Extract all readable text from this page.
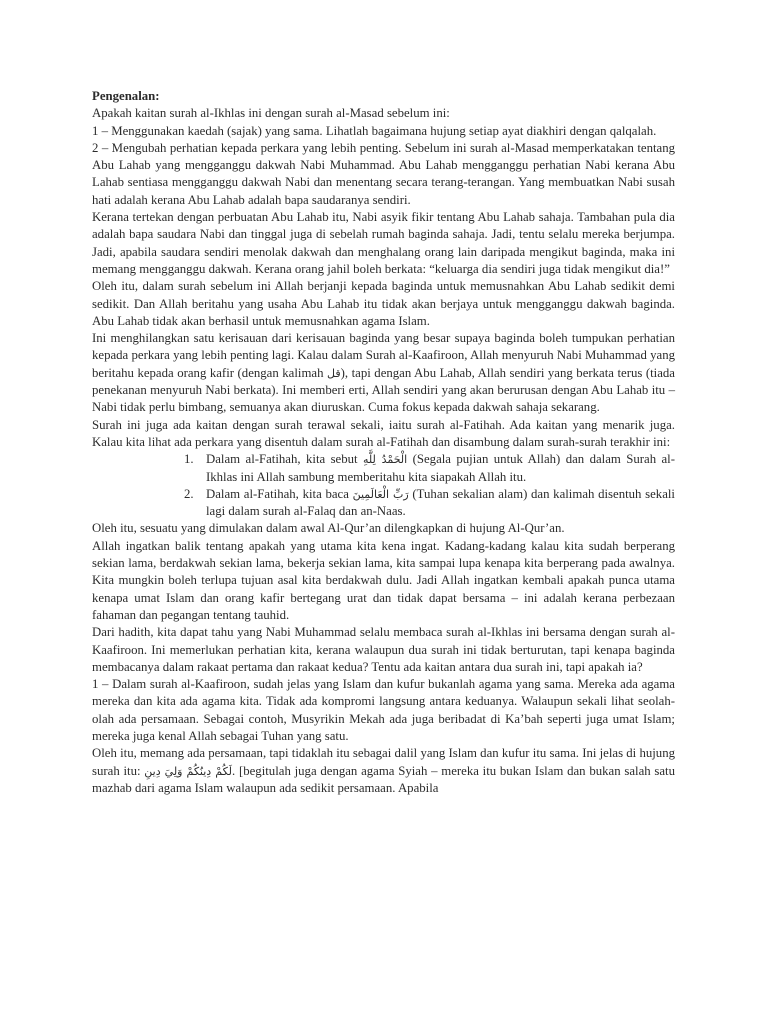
Pengenalan:

Apakah kaitan surah al-Ikhlas ini dengan surah al-Masad sebelum ini:

1 – Menggunakan kaedah (sajak) yang sama. Lihatlah bagaimana hujung setiap ayat diakhiri dengan qalqalah.

2 – Mengubah perhatian kepada perkara yang lebih penting. Sebelum ini surah al-Masad memperkatakan tentang Abu Lahab yang mengganggu dakwah Nabi Muhammad. Abu Lahab mengganggu perhatian Nabi kerana Abu Lahab sentiasa mengganggu dakwah Nabi dan menentang secara terang-terangan. Yang membuatkan Nabi susah hati adalah kerana Abu Lahab adalah bapa saudaranya sendiri.

Kerana tertekan dengan perbuatan Abu Lahab itu, Nabi asyik fikir tentang Abu Lahab sahaja. Tambahan pula dia adalah bapa saudara Nabi dan tinggal juga di sebelah rumah baginda sahaja. Jadi, tentu selalu mereka berjumpa. Jadi, apabila saudara sendiri menolak dakwah dan menghalang orang lain daripada mengikut baginda, maka ini memang mengganggu dakwah. Kerana orang jahil boleh berkata: “keluarga dia sendiri juga tidak mengikut dia!”

Oleh itu, dalam surah sebelum ini Allah berjanji kepada baginda untuk memusnahkan Abu Lahab sedikit demi sedikit. Dan Allah beritahu yang usaha Abu Lahab itu tidak akan berjaya untuk mengganggu dakwah baginda. Abu Lahab tidak akan berhasil untuk memusnahkan agama Islam.

Ini menghilangkan satu kerisauan dari kerisauan baginda yang besar supaya baginda boleh tumpukan perhatian kepada perkara yang lebih penting lagi. Kalau dalam Surah al-Kaafiroon, Allah menyuruh Nabi Muhammad yang beritahu kepada orang kafir (dengan kalimah قل), tapi dengan Abu Lahab, Allah sendiri yang berkata terus (tiada penekanan menyuruh Nabi berkata). Ini memberi erti, Allah sendiri yang akan berurusan dengan Abu Lahab itu – Nabi tidak perlu bimbang, semuanya akan diuruskan. Cuma fokus kepada dakwah sahaja sekarang.

Surah ini juga ada kaitan dengan surah terawal sekali, iaitu surah al-Fatihah. Ada kaitan yang menarik juga. Kalau kita lihat ada perkara yang disentuh dalam surah al-Fatihah dan disambung dalam surah-surah terakhir ini:

1. Dalam al-Fatihah, kita sebut الْحَمْدُ لِلَّهِ (Segala pujian untuk Allah) dan dalam Surah al-Ikhlas ini Allah sambung memberitahu kita siapakah Allah itu.
2. Dalam al-Fatihah, kita baca رَبِّ الْعَالَمِينَ (Tuhan sekalian alam) dan kalimah disentuh sekali lagi dalam surah al-Falaq dan an-Naas.

Oleh itu, sesuatu yang dimulakan dalam awal Al-Qur’an dilengkapkan di hujung Al-Qur’an.

Allah ingatkan balik tentang apakah yang utama kita kena ingat. Kadang-kadang kalau kita sudah berperang sekian lama, berdakwah sekian lama, bekerja sekian lama, kita sampai lupa kenapa kita berperang pada awalnya. Kita mungkin boleh terlupa tujuan asal kita berdakwah dulu. Jadi Allah ingatkan kembali apakah punca utama kenapa umat Islam dan orang kafir bertegang urat dan tidak dapat bersama – ini adalah kerana perbezaan fahaman dan pegangan tentang tauhid.

Dari hadith, kita dapat tahu yang Nabi Muhammad selalu membaca surah al-Ikhlas ini bersama dengan surah al-Kaafiroon. Ini memerlukan perhatian kita, kerana walaupun dua surah ini tidak berturutan, tapi kenapa baginda membacanya dalam rakaat pertama dan rakaat kedua? Tentu ada kaitan antara dua surah ini, tapi apakah ia?

1 – Dalam surah al-Kaafiroon, sudah jelas yang Islam dan kufur bukanlah agama yang sama. Mereka ada agama mereka dan kita ada agama kita. Tidak ada kompromi langsung antara keduanya. Walaupun sekali lihat seolah-olah ada persamaan. Sebagai contoh, Musyrikin Mekah ada juga beribadat di Ka’bah seperti juga umat Islam; mereka juga kenal Allah sebagai Tuhan yang satu.

Oleh itu, memang ada persamaan, tapi tidaklah itu sebagai dalil yang Islam dan kufur itu sama. Ini jelas di hujung surah itu: لَكُمْ دِينُكُمْ وَلِيَ دِينِ. [begitulah juga dengan agama Syiah – mereka itu bukan Islam dan bukan salah satu mazhab dari agama Islam walaupun ada sedikit persamaan. Apabila
